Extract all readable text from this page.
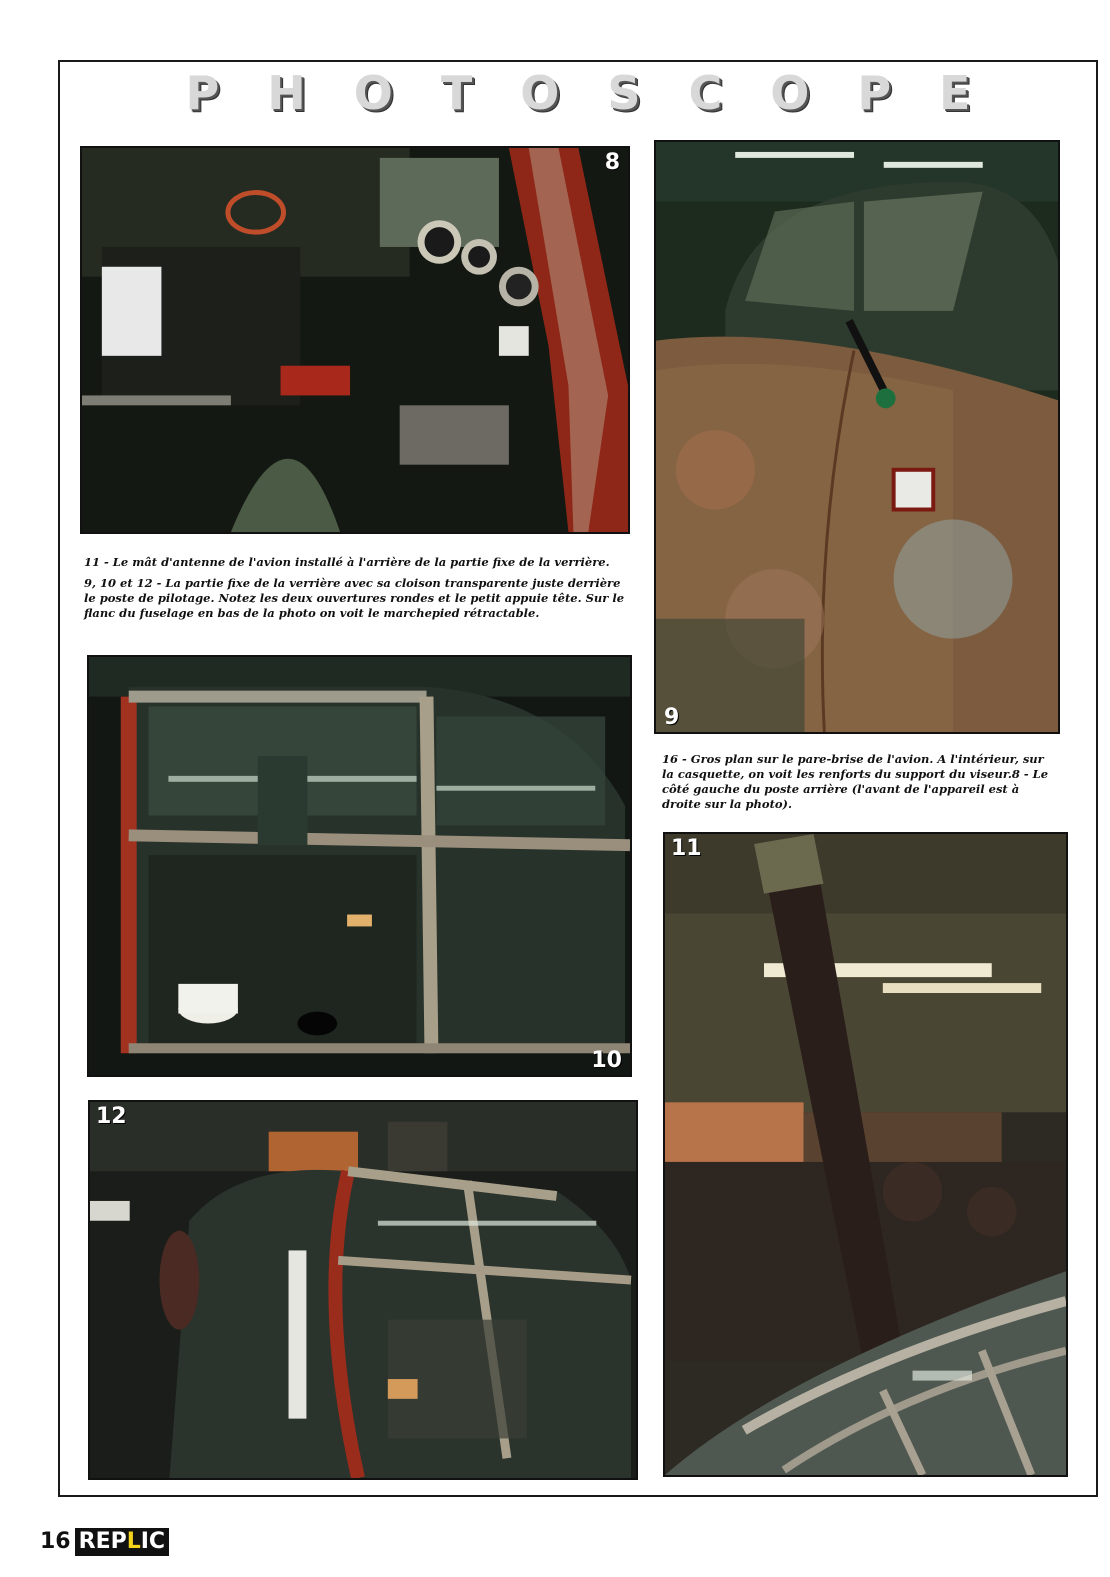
PHOTOSCOPE
8

11 - Le mât d'antenne de l'avion installé à l'arrière de la partie fixe de la verrière.

9, 10 et 12 - La partie fixe de la verrière avec sa cloison transparente juste derrière le poste de pilotage. Notez les deux ouvertures rondes et le petit appuie tête. Sur le flanc du fuselage en bas de la photo on voit le marchepied rétractable.

9

16 - Gros plan sur le pare-brise de l'avion. A l'intérieur, sur la casquette, on voit les renforts du support du viseur.8 - Le côté gauche du poste arrière (l'avant de l'appareil est à droite sur la photo).

10
11
12
16 REPLIC
